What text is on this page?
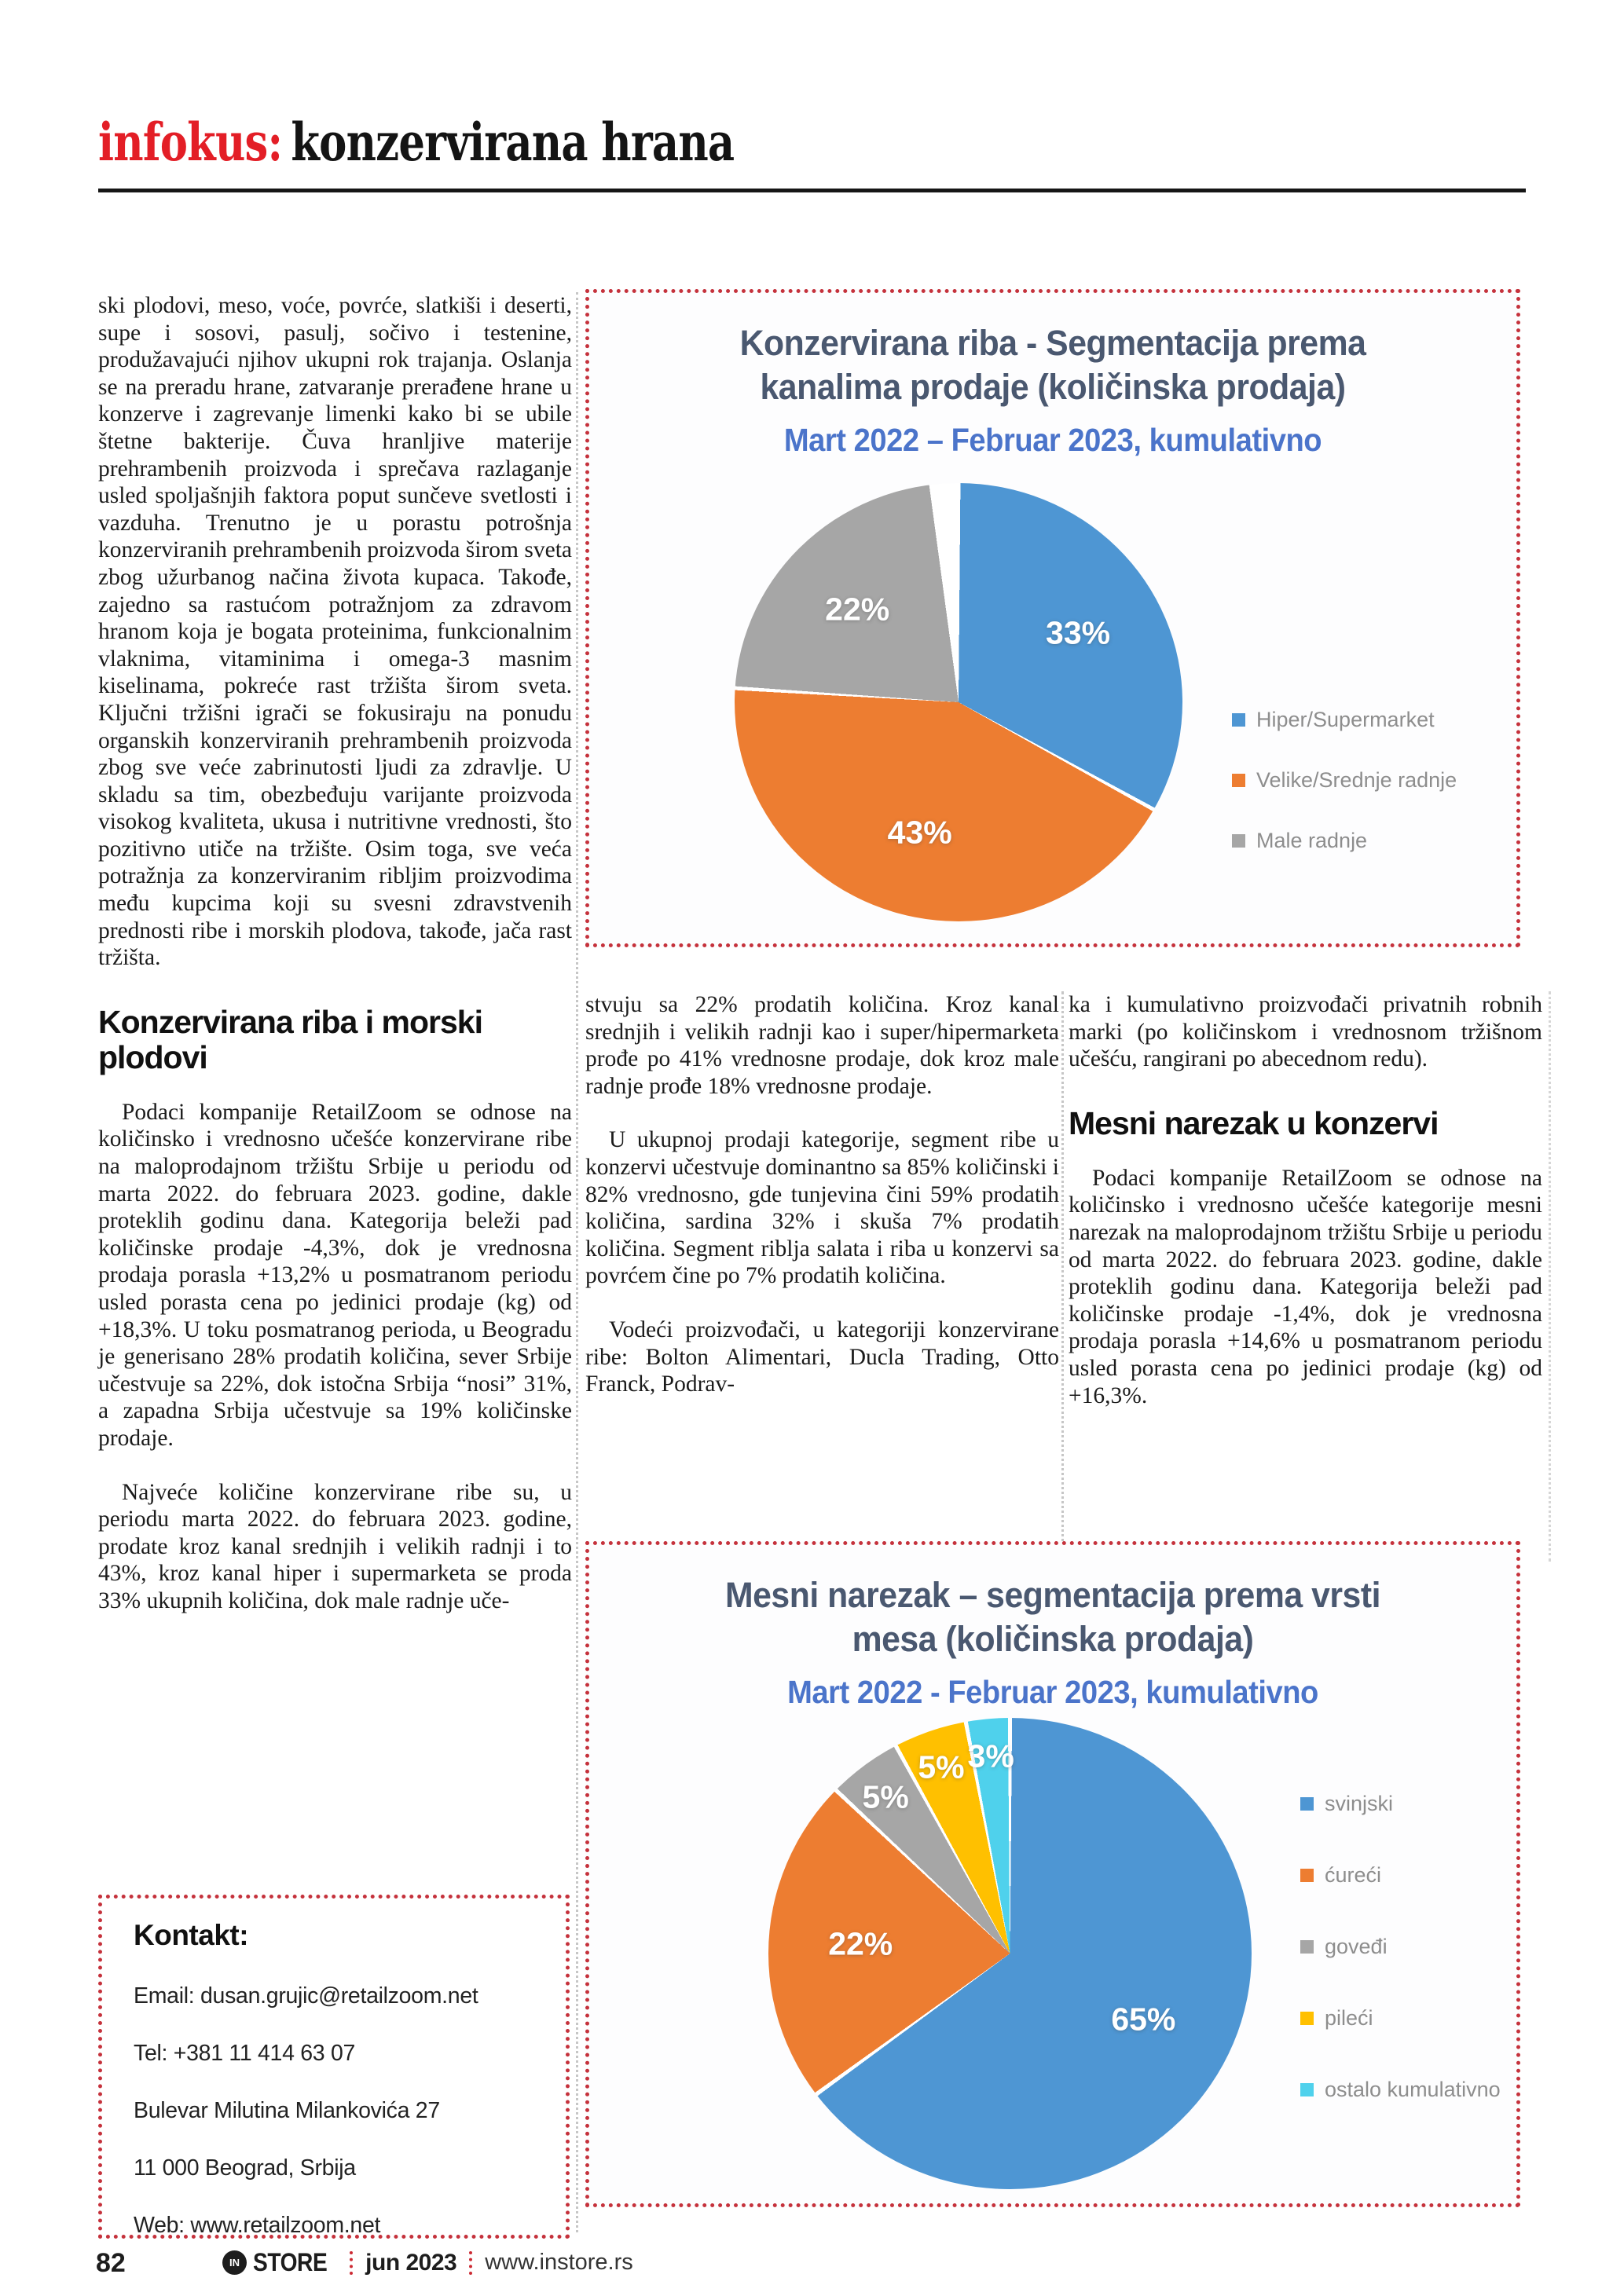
infokus: konzervirana hrana

ski plodovi, meso, voće, povrće, slatkiši i deserti, supe i sosovi, pasulj, sočivo i testenine, produžavajući njihov ukupni rok trajanja. Oslanja se na preradu hrane, zatvaranje prerađene hrane u konzerve i zagrevanje limenki kako bi se ubile štetne bakterije. Čuva hranljive materije prehrambenih proizvoda i sprečava razlaganje usled spoljašnjih faktora poput sunčeve svetlosti i vazduha. Trenutno je u porastu potrošnja konzerviranih prehrambenih proizvoda širom sveta zbog užurbanog načina života kupaca. Takođe, zajedno sa rastućom potražnjom za zdravom hranom koja je bogata proteinima, funkcionalnim vlaknima, vitaminima i omega-3 masnim kiselinama, pokreće rast tržišta širom sveta. Ključni tržišni igrači se fokusiraju na ponudu organskih konzerviranih prehrambenih proizvoda zbog sve veće zabrinutosti ljudi za zdravlje. U skladu sa tim, obezbeđuju varijante proizvoda visokog kvaliteta, ukusa i nutritivne vrednosti, što pozitivno utiče na tržište. Osim toga, sve veća potražnja za konzerviranim ribljim proizvodima među kupcima koji su svesni zdravstvenih prednosti ribe i morskih plodova, takođe, jača rast tržišta.

Konzervirana riba i morski plodovi

Podaci kompanije RetailZoom se odnose na količinsko i vrednosno učešće konzervirane ribe na maloprodajnom tržištu Srbije u periodu od marta 2022. do februara 2023. godine, dakle proteklih godinu dana. Kategorija beleži pad količinske prodaje -4,3%, dok je vrednosna prodaja porasla +13,2% u posmatranom periodu usled porasta cena po jedinici prodaje (kg) od +18,3%. U toku posmatranog perioda, u Beogradu je generisano 28% prodatih količina, sever Srbije učestvuje sa 22%, dok istočna Srbija “nosi” 31%, a zapadna Srbija učestvuje sa 19% količinske prodaje.

Najveće količine konzervirane ribe su, u periodu marta 2022. do februara 2023. godine, prodate kroz kanal srednjih i velikih radnji i to 43%, kroz kanal hiper i supermarketa se proda 33% ukupnih količina, dok male radnje uče-

Konzervirana riba - Segmentacija prema kanalima prodaje (količinska prodaja)
Mart 2022 – Februar 2023, kumulativno
33%
43%
22%
Hiper/Supermarket
Velike/Srednje radnje
Male radnje

stvuju sa 22% prodatih količina. Kroz kanal srednjih i velikih radnji kao i super/hipermarketa prođe po 41% vrednosne prodaje, dok kroz male radnje prođe 18% vrednosne prodaje.

U ukupnoj prodaji kategorije, segment ribe u konzervi učestvuje dominantno sa 85% količinski i 82% vrednosno, gde tunjevina čini 59% prodatih količina, sardina 32% i skuša 7% prodatih količina. Segment riblja salata i riba u konzervi sa povrćem čine po 7% prodatih količina.

Vodeći proizvođači, u kategoriji konzervirane ribe: Bolton Alimentari, Ducla Trading, Otto Franck, Podrav-

ka i kumulativno proizvođači privatnih robnih marki (po količinskom i vrednosnom tržišnom učešću, rangirani po abecednom redu).

Mesni narezak u konzervi

Podaci kompanije RetailZoom se odnose na količinsko i vrednosno učešće kategorije mesni narezak na maloprodajnom tržištu Srbije u periodu od marta 2022. do februara 2023. godine, dakle proteklih godinu dana. Kategorija beleži pad količinske prodaje -1,4%, dok je vrednosna prodaja porasla +14,6% u posmatranom periodu usled porasta cena po jedinici prodaje (kg) od +16,3%.

Mesni narezak – segmentacija prema vrsti mesa (količinska prodaja)
Mart 2022 - Februar 2023, kumulativno
65%
22%
5%
5% 3%
svinjski
ćureći
goveđi
pileći
ostalo kumulativno
Kontakt:
Email: dusan.grujic@retailzoom.net
Tel: +381 11 414 63 07
Bulevar Milutina Milankovića 27
11 000 Beograd, Srbija
Web: www.retailzoom.net
82	IN STORE jun 2023 www.instore.rs
